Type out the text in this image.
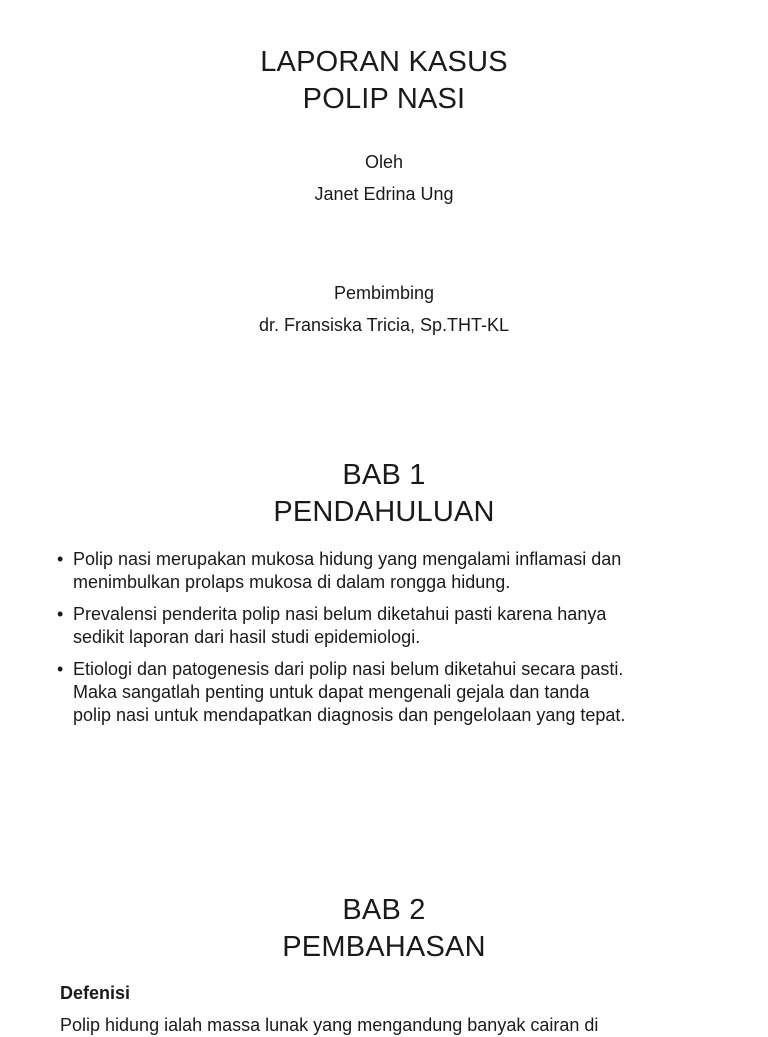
LAPORAN KASUS
POLIP NASI
Oleh
Janet Edrina Ung
Pembimbing
dr. Fransiska Tricia, Sp.THT-KL
BAB 1
PENDAHULUAN
• Polip nasi merupakan mukosa hidung yang mengalami inflamasi dan
menimbulkan prolaps mukosa di dalam rongga hidung.
• Prevalensi penderita polip nasi belum diketahui pasti karena hanya
sedikit laporan dari hasil studi epidemiologi.
• Etiologi dan patogenesis dari polip nasi belum diketahui secara pasti.
Maka sangatlah penting untuk dapat mengenali gejala dan tanda
polip nasi untuk mendapatkan diagnosis dan pengelolaan yang tepat.
BAB 2
PEMBAHASAN
Defenisi
Polip hidung ialah massa lunak yang mengandung banyak cairan di
